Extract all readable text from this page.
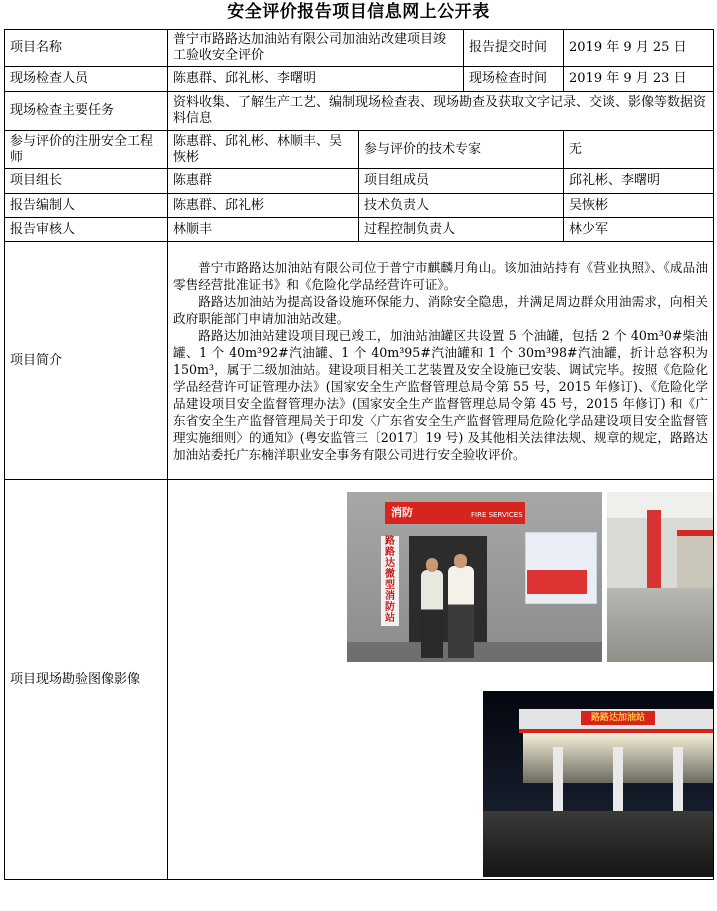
安全评价报告项目信息网上公开表
项目名称	普宁市路路达加油站有限公司加油站改建项目竣工验收安全评价		报告提交时间	2019 年 9 月 25 日
现场检查人员	陈惠群、邱礼彬、李曙明		现场检查时间	2019 年 9 月 23 日
现场检查主要任务	资料收集、了解生产工艺、编制现场检查表、现场勘查及获取文字记录、交谈、影像等数据资料信息			
参与评价的注册安全工程师	陈惠群、邱礼彬、林顺丰、吴恢彬	参与评价的技术专家		无
项目组长	陈惠群	项目组成员		邱礼彬、李曙明
报告编制人	陈惠群、邱礼彬	技术负责人		吴恢彬
报告审核人	林顺丰	过程控制负责人		林少军
项目简介	普宁市路路达加油站有限公司位于普宁市麒麟月角山。该加油站持有《营业执照》、《成品油零售经营批准证书》和《危险化学品经营许可证》。

路路达加油站为提高设备设施环保能力、消除安全隐患，并满足周边群众用油需求，向相关政府职能部门申请加油站改建。

路路达加油站建设项目现已竣工，加油站油罐区共设置 5 个油罐，包括 2 个 40m³0#柴油罐、1 个 40m³92#汽油罐、1 个 40m³95#汽油罐和 1 个 30m³98#汽油罐，折计总容积为 150m³，属于二级加油站。建设项目相关工艺装置及安全设施已安装、调试完毕。按照《危险化学品经营许可证管理办法》(国家安全生产监督管理总局令第 55 号，2015 年修订)、《危险化学品建设项目安全监督管理办法》(国家安全生产监督管理总局令第 45 号，2015 年修订) 和《广东省安全生产监督管理局关于印发〈广东省安全生产监督管理局危险化学品建设项目安全监督管理实施细则〉的通知》(粤安监管三〔2017〕19 号) 及其他相关法律法规、规章的规定，路路达加油站委托广东楠洋职业安全事务有限公司进行安全验收评价。			

项目现场勘验图像影像	消防 FIRE SERVICES
路路达微型消防站
路路达加油站			
